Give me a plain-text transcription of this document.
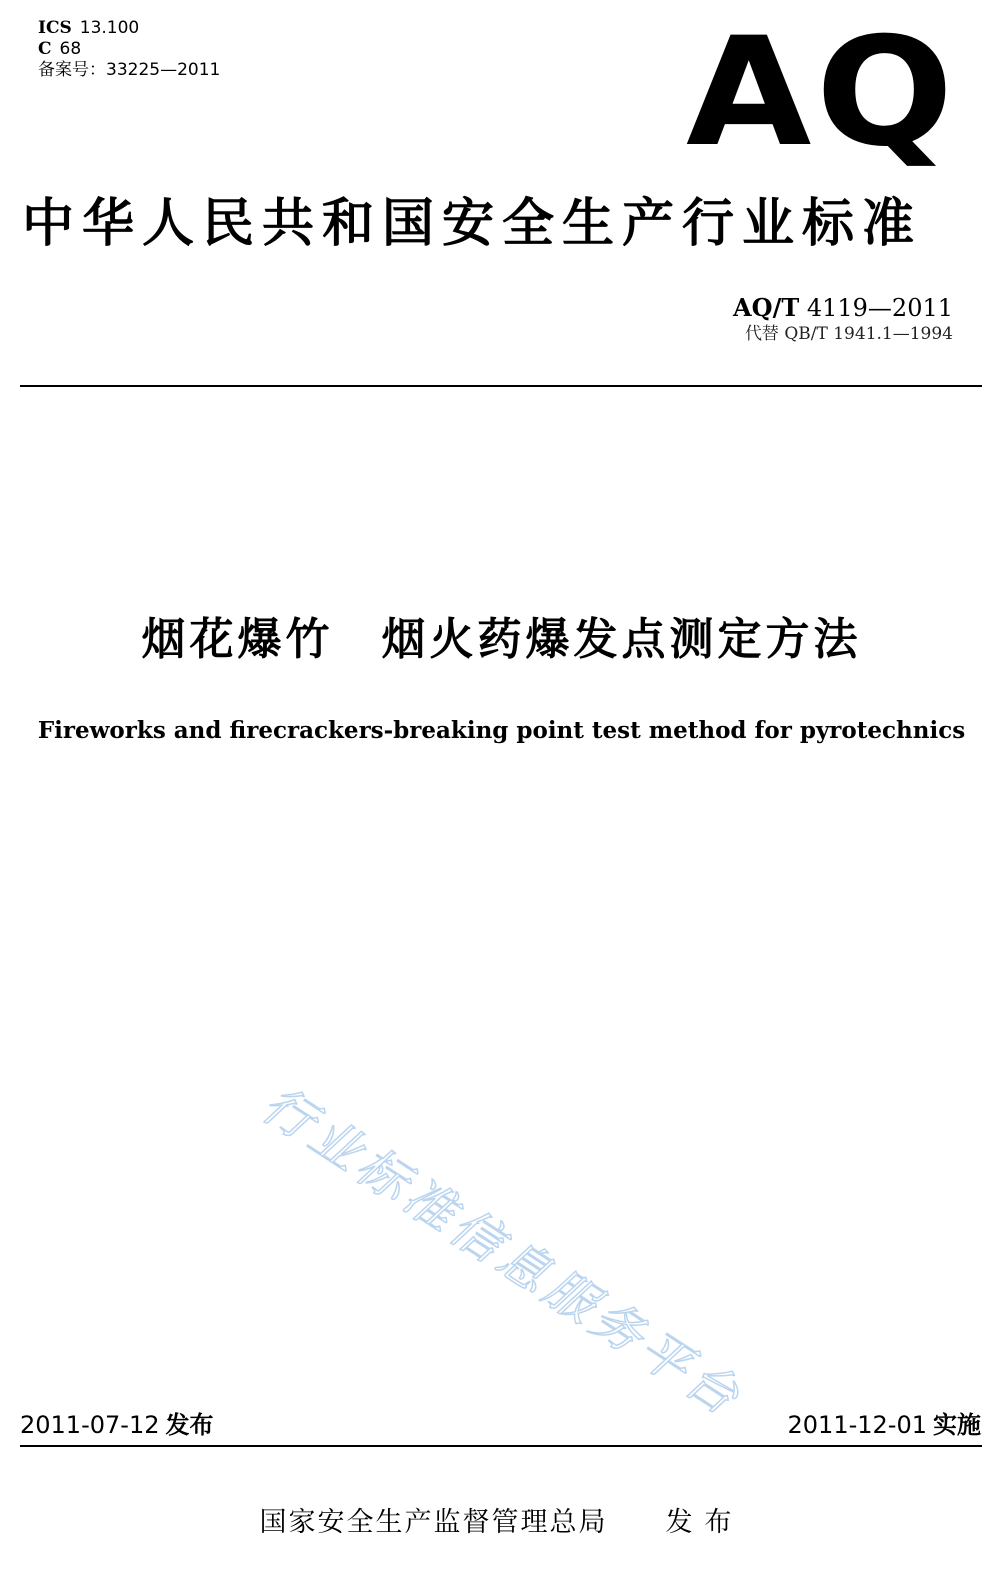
ICS 13.100
C 68
备案号：33225—2011	AQ
中华人民共和国安全生产行业标准
AQ/T 4119—2011
代替 QB/T 1941.1—1994
烟花爆竹　烟火药爆发点测定方法
Fireworks and firecrackers-breaking point test method for pyrotechnics
行业标准信息服务平台
2011-07-12 发布	2011-12-01 实施
国家安全生产监督管理总局 发布
